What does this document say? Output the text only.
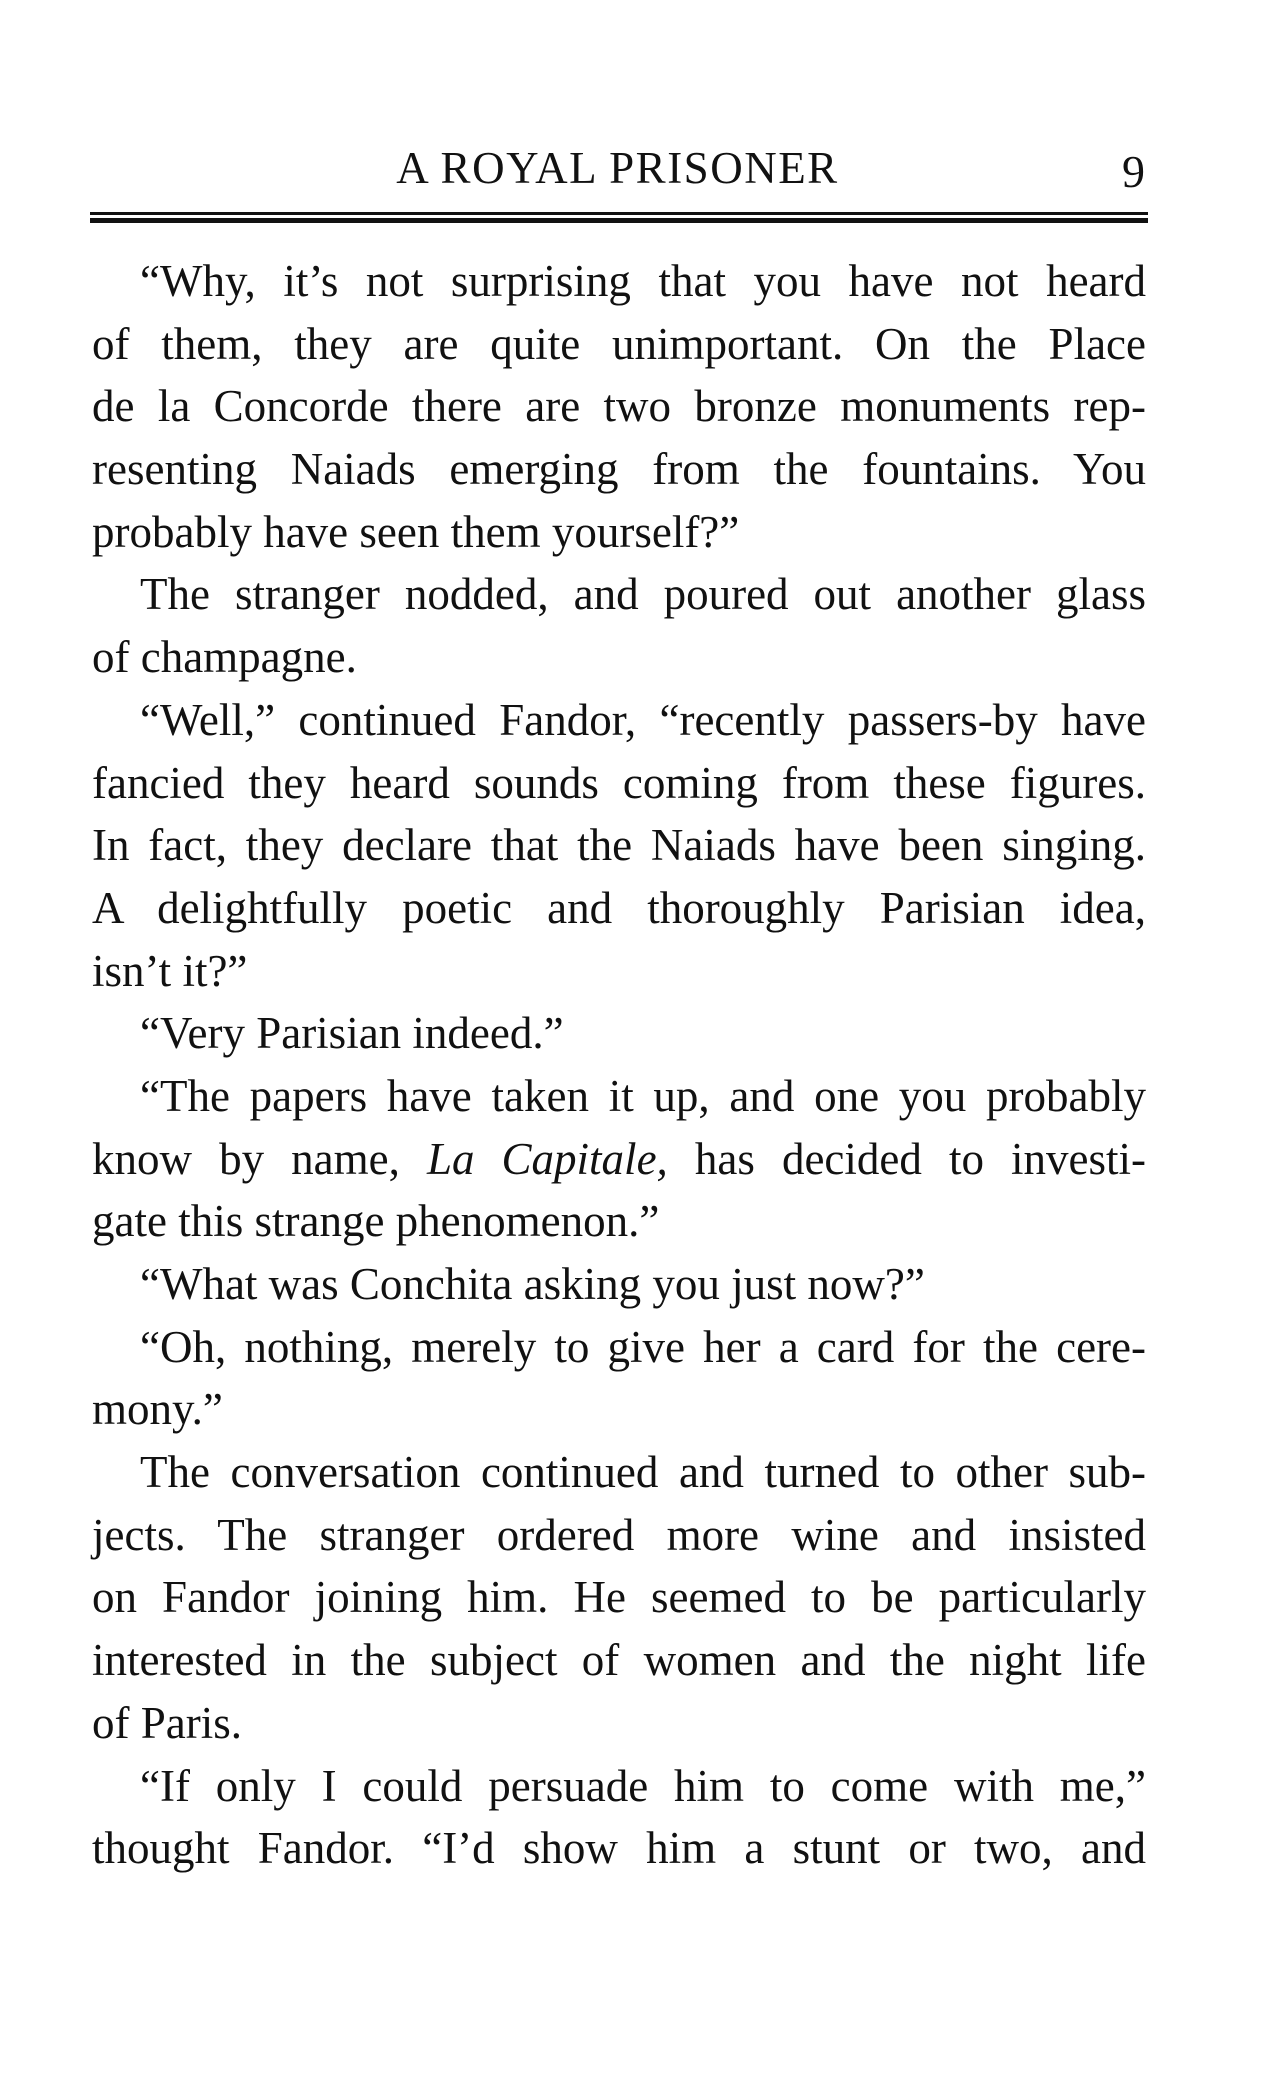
A ROYAL PRISONER	9
“Why, it’s not surprising that you have not heard
of them, they are quite unimportant. On the Place
de la Concorde there are two bronze monuments rep-
resenting Naiads emerging from the fountains. You
probably have seen them yourself?”
The stranger nodded, and poured out another glass
of champagne.
“Well,” continued Fandor, “recently passers-by have
fancied they heard sounds coming from these figures.
In fact, they declare that the Naiads have been singing.
A delightfully poetic and thoroughly Parisian idea,
isn’t it?”
“Very Parisian indeed.”
“The papers have taken it up, and one you probably
know by name, La Capitale, has decided to investi-
gate this strange phenomenon.”
“What was Conchita asking you just now?”
“Oh, nothing, merely to give her a card for the cere-
mony.”
The conversation continued and turned to other sub-
jects. The stranger ordered more wine and insisted
on Fandor joining him. He seemed to be particularly
interested in the subject of women and the night life
of Paris.
“If only I could persuade him to come with me,”
thought Fandor. “I’d show him a stunt or two, and
